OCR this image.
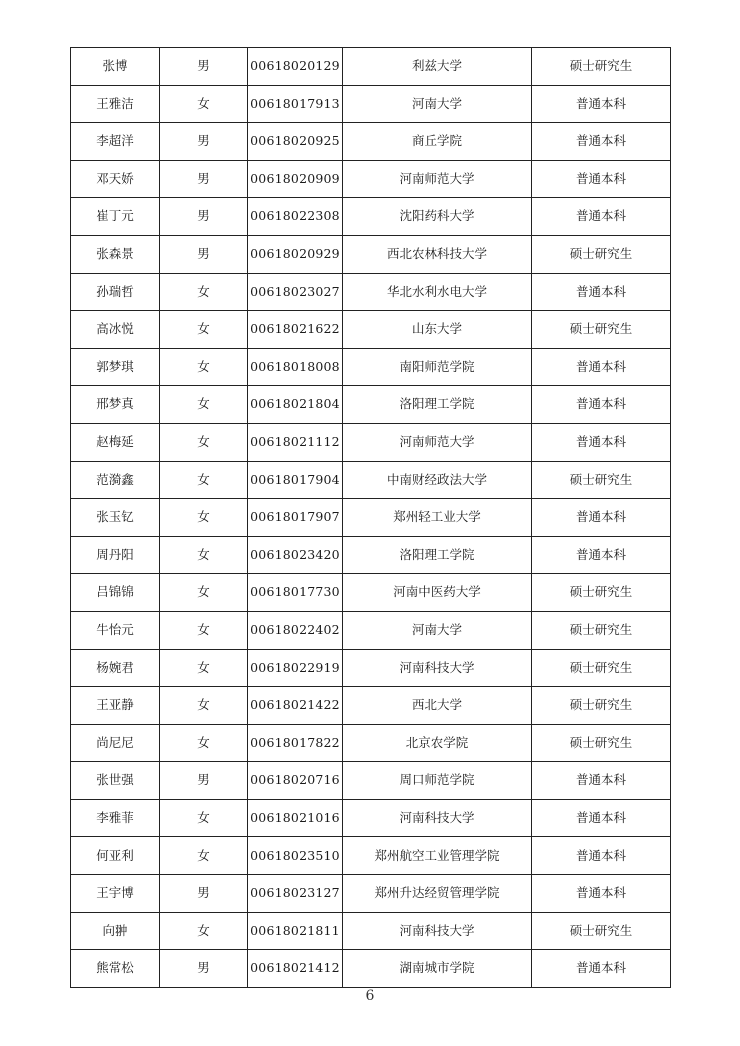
张博	男	00618020129	利兹大学	硕士研究生
王雅洁	女	00618017913	河南大学	普通本科
李超洋	男	00618020925	商丘学院	普通本科
邓天娇	男	00618020909	河南师范大学	普通本科
崔丁元	男	00618022308	沈阳药科大学	普通本科
张森景	男	00618020929	西北农林科技大学	硕士研究生
孙瑞哲	女	00618023027	华北水利水电大学	普通本科
高冰悦	女	00618021622	山东大学	硕士研究生
郭梦琪	女	00618018008	南阳师范学院	普通本科
邢梦真	女	00618021804	洛阳理工学院	普通本科
赵梅延	女	00618021112	河南师范大学	普通本科
范漪鑫	女	00618017904	中南财经政法大学	硕士研究生
张玉钇	女	00618017907	郑州轻工业大学	普通本科
周丹阳	女	00618023420	洛阳理工学院	普通本科
吕锦锦	女	00618017730	河南中医药大学	硕士研究生
牛怡元	女	00618022402	河南大学	硕士研究生
杨婉君	女	00618022919	河南科技大学	硕士研究生
王亚静	女	00618021422	西北大学	硕士研究生
尚尼尼	女	00618017822	北京农学院	硕士研究生
张世强	男	00618020716	周口师范学院	普通本科
李雅菲	女	00618021016	河南科技大学	普通本科
何亚利	女	00618023510	郑州航空工业管理学院	普通本科
王宇博	男	00618023127	郑州升达经贸管理学院	普通本科
向翀	女	00618021811	河南科技大学	硕士研究生
熊常松	男	00618021412	湖南城市学院	普通本科
6
